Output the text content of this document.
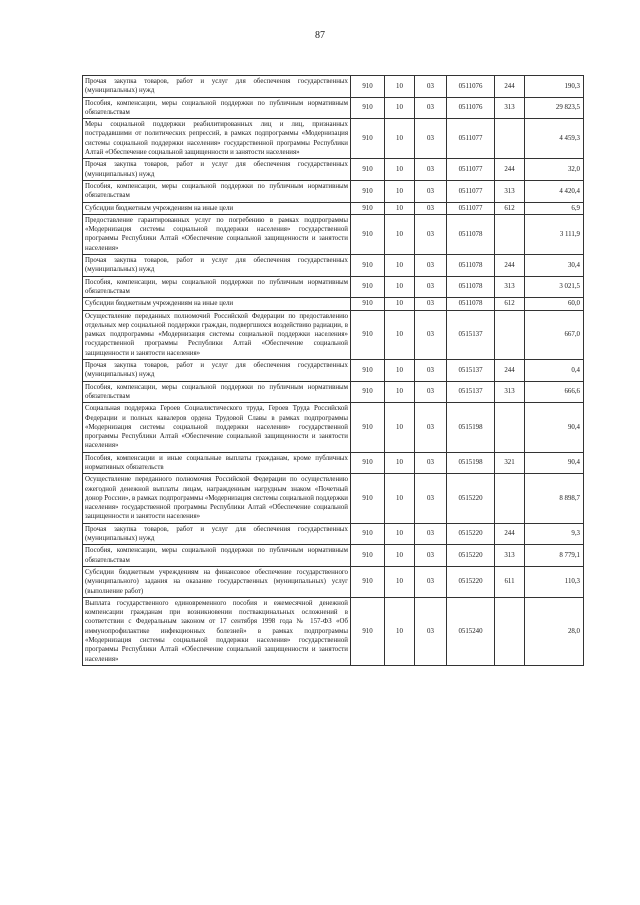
87
Прочая закупка товаров, работ и услуг для обеспечения государственных (муниципальных) нужд	910	10	03	0511076	244	190,3
Пособия, компенсации, меры социальной поддержки по публичным нормативным обязательствам	910	10	03	0511076	313	29 823,5
Меры социальной поддержки реабилитированных лиц и лиц, признанных пострадавшими от политических репрессий, в рамках подпрограммы «Модернизация системы социальной поддержки населения» государственной программы Республики Алтай «Обеспечение социальной защищенности и занятости населения»	910	10	03	0511077		4 459,3
Прочая закупка товаров, работ и услуг для обеспечения государственных (муниципальных) нужд	910	10	03	0511077	244	32,0
Пособия, компенсации, меры социальной поддержки по публичным нормативным обязательствам	910	10	03	0511077	313	4 420,4
Субсидии бюджетным учреждениям на иные цели	910	10	03	0511077	612	6,9
Предоставление гарантированных услуг по погребению в рамках подпрограммы «Модернизация системы социальной поддержки населения» государственной программы Республики Алтай «Обеспечение социальной защищенности и занятости населения»	910	10	03	0511078		3 111,9
Прочая закупка товаров, работ и услуг для обеспечения государственных (муниципальных) нужд	910	10	03	0511078	244	30,4
Пособия, компенсации, меры социальной поддержки по публичным нормативным обязательствам	910	10	03	0511078	313	3 021,5
Субсидии бюджетным учреждениям на иные цели	910	10	03	0511078	612	60,0
Осуществление переданных полномочий Российской Федерации по предоставлению отдельных мер социальной поддержки граждан, подвергшихся воздействию радиации, в рамках подпрограммы «Модернизация системы социальной поддержки населения» государственной программы Республики Алтай «Обеспечение социальной защищенности и занятости населения»	910	10	03	0515137		667,0
Прочая закупка товаров, работ и услуг для обеспечения государственных (муниципальных) нужд	910	10	03	0515137	244	0,4
Пособия, компенсации, меры социальной поддержки по публичным нормативным обязательствам	910	10	03	0515137	313	666,6
Социальная поддержка Героев Социалистического труда, Героев Труда Российской Федерации и полных кавалеров ордена Трудовой Славы в рамках подпрограммы «Модернизация системы социальной поддержки населения» государственной программы Республики Алтай «Обеспечение социальной защищенности и занятости населения»	910	10	03	0515198		90,4
Пособия, компенсации и иные социальные выплаты гражданам, кроме публичных нормативных обязательств	910	10	03	0515198	321	90,4
Осуществление переданного полномочия Российской Федерации по осуществлению ежегодной денежной выплаты лицам, награжденным нагрудным знаком «Почетный донор России», в рамках подпрограммы «Модернизация системы социальной поддержки населения» государственной программы Республики Алтай «Обеспечение социальной защищенности и занятости населения»	910	10	03	0515220		8 898,7
Прочая закупка товаров, работ и услуг для обеспечения государственных (муниципальных) нужд	910	10	03	0515220	244	9,3
Пособия, компенсации, меры социальной поддержки по публичным нормативным обязательствам	910	10	03	0515220	313	8 779,1
Субсидии бюджетным учреждениям на финансовое обеспечение государственного (муниципального) задания на оказание государственных (муниципальных) услуг (выполнение работ)	910	10	03	0515220	611	110,3
Выплата государственного единовременного пособия и ежемесячной денежной компенсации гражданам при возникновении поствакцинальных осложнений в соответствии с Федеральным законом от 17 сентября 1998 года № 157-ФЗ «Об иммунопрофилактике инфекционных болезней» в рамках подпрограммы «Модернизация системы социальной поддержки населения» государственной программы Республики Алтай «Обеспечение социальной защищенности и занятости населения»	910	10	03	0515240		28,0
